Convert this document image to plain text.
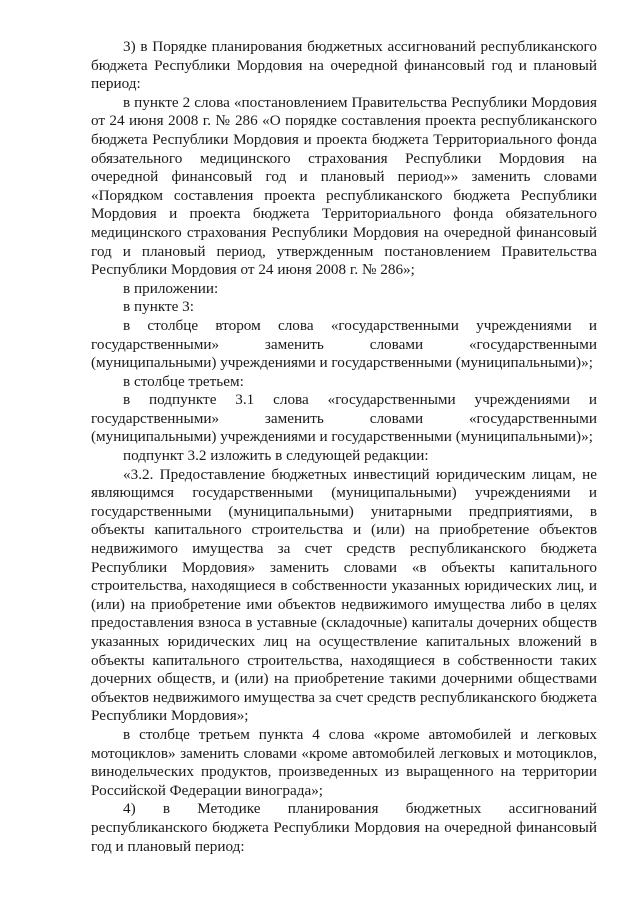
3) в Порядке планирования бюджетных ассигнований республиканского бюджета Республики Мордовия на очередной финансовый год и плановый период:

в пункте 2 слова «постановлением Правительства Республики Мордовия от 24 июня 2008 г. № 286 «О порядке составления проекта республиканского бюджета Республики Мордовия и проекта бюджета Территориального фонда обязательного медицинского страхования Республики Мордовия на очередной финансовый год и плановый период»» заменить словами «Порядком составления проекта республиканского бюджета Республики Мордовия и проекта бюджета Территориального фонда обязательного медицинского страхования Республики Мордовия на очередной финансовый год и плановый период, утвержденным постановлением Правительства Республики Мордовия от 24 июня 2008 г. № 286»;

в приложении:

в пункте 3:

в столбце втором слова «государственными учреждениями и государственными» заменить словами «государственными (муниципальными) учреждениями и государственными (муниципальными)»;

в столбце третьем:

в подпункте 3.1 слова «государственными учреждениями и государственными» заменить словами «государственными (муниципальными) учреждениями и государственными (муниципальными)»;

подпункт 3.2 изложить в следующей редакции:

«3.2. Предоставление бюджетных инвестиций юридическим лицам, не являющимся государственными (муниципальными) учреждениями и государственными (муниципальными) унитарными предприятиями, в объекты капитального строительства и (или) на приобретение объектов недвижимого имущества за счет средств республиканского бюджета Республики Мордовия» заменить словами «в объекты капитального строительства, находящиеся в собственности указанных юридических лиц, и (или) на приобретение ими объектов недвижимого имущества либо в целях предоставления взноса в уставные (складочные) капиталы дочерних обществ указанных юридических лиц на осуществление капитальных вложений в объекты капитального строительства, находящиеся в собственности таких дочерних обществ, и (или) на приобретение такими дочерними обществами объектов недвижимого имущества за счет средств республиканского бюджета Республики Мордовия»;

в столбце третьем пункта 4 слова «кроме автомобилей и легковых мотоциклов» заменить словами «кроме автомобилей легковых и мотоциклов, винодельческих продуктов, произведенных из выращенного на территории Российской Федерации винограда»;

4) в Методике планирования бюджетных ассигнований республиканского бюджета Республики Мордовия на очередной финансовый год и плановый период:
